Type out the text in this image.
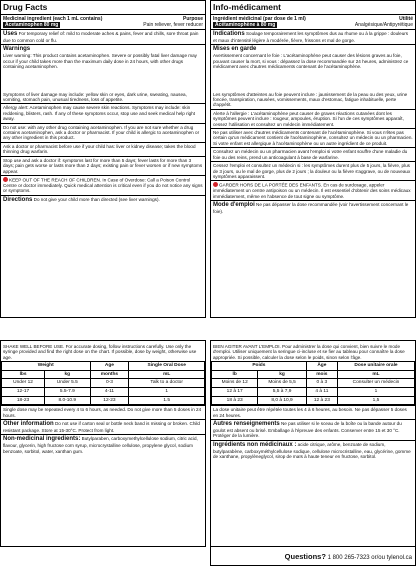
Drug Facts
Medicinal ingredient (each 1 mL contains)	Purpose
Acetaminophen 80 mg	Pain reliever, fever reducer
Uses For temporary relief of: mild to moderate aches & pains, fever and chills, sore throat pain due to common cold or flu.
Warnings
Liver warning: This product contains acetaminophen. Severe or possibly fatal liver damage may occur if your child takes more than the maximum daily dose in 24 hours, with other drugs containing acetaminophen.
Symptoms of liver damage may include: yellow skin or eyes, dark urine, sweating, nausea, vomiting, stomach pain, unusual tiredness, loss of appetite.
Allergy alert: Acetaminophen may cause severe skin reactions. Symptoms may include: skin reddening, blisters, rash. If any of these symptoms occur, stop use and seek medical help right away.
Do not use: with any other drug containing acetaminophen. If you are not sure whether a drug contains acetaminophen, ask a doctor or pharmacist. If your child is allergic to acetaminophen or any other ingredient in this product.
Ask a doctor or pharmacist before use if your child has: liver or kidney disease; takes the blood thinning drug warfarin.
Stop use and ask a doctor if: symptoms last for more than 5 days; fever lasts for more than 3 days; pain gets worse or lasts more than 2 days; existing pain or fever worsen or if new symptoms appear.
KEEP OUT OF THE REACH OF CHILDREN. In Case of Overdose: Call a Poison Control Centre or doctor immediately. Quick medical attention is critical even if you do not notice any signs or symptoms.
Directions Do not give your child more than directed (see liver warnings).
Info-médicament
Ingrédient médicinal (par dose de 1 ml)	Utilité
Acétaminophène à 80 mg	Analgésique/Antipyrétique
Indications Soulage temporairement les symptômes dus au rhume ou à la grippe : douleurs et maux d'intensité légère à modérée, fièvre, frissons et mal de gorge.
Mises en garde
Avertissement concernant le foie : L'acétaminophène peut causer des lésions graves au foie, pouvant causer la mort, si vous : dépassez la dose recommandée sur 24 heures, administrez ce médicament avec d'autres médicaments contenant de l'acétaminophène.
Les symptômes d'atteintes au foie peuvent inclure : jaunissement de la peau ou des yeux, urine foncée, transpiration, nausées, vomissements, maux d'estomac, fatigue inhabituelle, perte d'appétit.
Alerte à l'allergie : L'acétaminophène peut causer de graves réactions cutanées dont les symptômes peuvent inclure : rougeur, ampoules, éruption. Si l'un de ces symptômes apparaît, cessez l'utilisation et consultez un médecin immédiatement.
Ne pas utiliser avec d'autres médicaments contenant de l'acétaminophène. Si vous n'êtes pas certain qu'un médicament contient de l'acétaminophène, consultez un médecin ou un pharmacien. Si votre enfant est allergique à l'acétaminophène ou un autre ingrédient de ce produit.
Consultez un médecin ou un pharmacien avant l'emploi si votre enfant souffre d'une maladie du foie ou des reins, prend un anticoagulant à base de warfarine.
Cessez l'emploi et consultez un médecin si : les symptômes durent plus de 5 jours, la fièvre, plus de 3 jours, ou le mal de gorge, plus de 2 jours ; la douleur ou la fièvre s'aggrave, ou de nouveaux symptômes apparaissent.
GARDER HORS DE LA PORTÉE DES ENFANTS. En cas de surdosage, appeler immédiatement un centre antipoison ou un médecin. Il est essentiel d'obtenir des soins médicaux immédiatement, même en l'absence de tout signe ou symptôme.
Mode d'emploi Ne pas dépasser la dose recommandée (voir l'avertissement concernant le foie).
SHAKE WELL BEFORE USE. For accurate dosing, follow instructions carefully. Use only the syringe provided and find the right dose on the chart. If possible, dose by weight, otherwise use age.
Weight		Age	Single Oral Dose
lbs	kg	months	mL
Under 12	Under 5.5	0-3	Talk to a doctor
12-17	5.5-7.9	4-11	1
18-23	8.0-10.9	12-23	1.5
Single dose may be repeated every 4 to 6 hours, as needed. Do not give more than 5 doses in 24 hours.
Other information Do not use if carton seal or bottle neck band is missing or broken. Child resistant package. Store at 15-30°C. Protect from light.
Non-medicinal ingredients: Butylparaben, carboxymethylcellulose sodium, citric acid, flavour, glycerin, high fructose corn syrup, microcrystalline cellulose, propylene glycol, sodium benzoate, sorbitol, water, xanthan gum.
BIEN AGITER AVANT L'EMPLOI. Pour administrer la dose qui convient, bien suivre le mode d'emploi. Utiliser uniquement la seringue ci-incluse et se fier au tableau pour connaître la dose appropriée. Si possible, calculer la dose selon le poids, sinon selon l'âge.
Poids		Âge	Dose unitaire orale
lb	kg	mois	mL
Moins de 12	Moins de 5,5	0 à 3	Consulter un médecin
12 à 17	5,5 à 7,9	4 à 11	1
18 à 23	8,0 à 10,9	12 à 23	1,5
La dose unitaire peut être répétée toutes les 4 à 6 heures, au besoin. Ne pas dépasser 5 doses en 24 heures.
Autres renseignements Ne pas utiliser si le sceau de la boîte ou la bande autour du goulot est absent ou brisé. Emballage à l'épreuve des enfants. Conserver entre 15 et 30 °C. Protéger de la lumière.
Ingrédients non médicinaux : acide citrique, arôme, benzoate de sodium, butylparabène, carboxyméthylcellulose sodique, cellulose microcristalline, eau, glycérine, gomme de xanthane, propylèneglycol, sirop de maïs à haute teneur en fructose, sorbitol.
Questions? 1 800 265-7323 or/ou tylenol.ca
